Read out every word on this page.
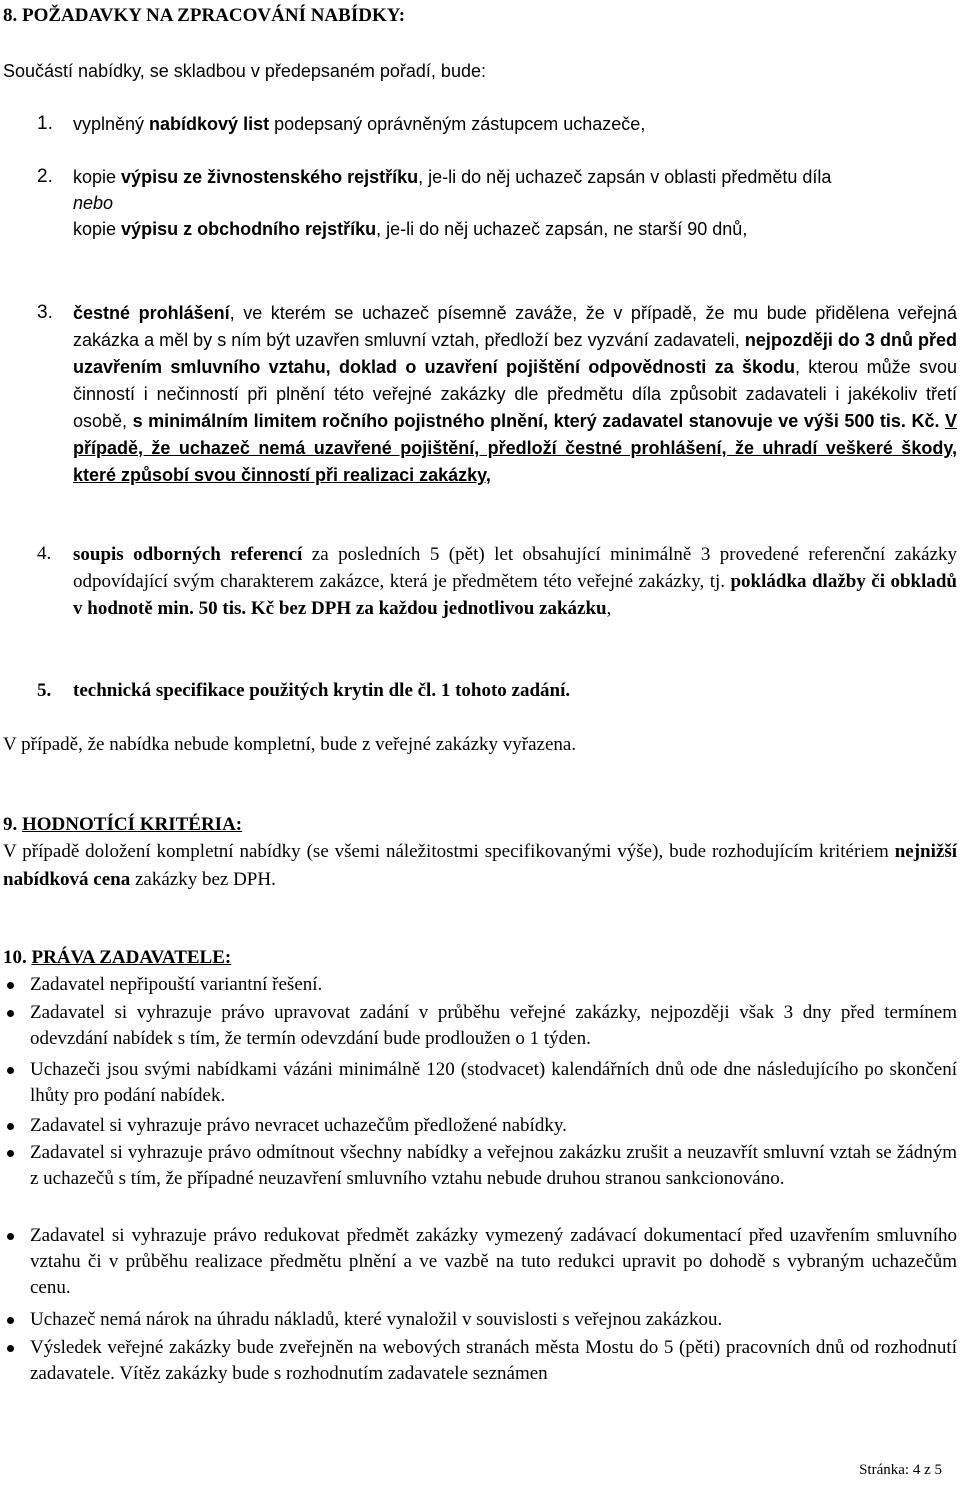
8. POŽADAVKY NA ZPRACOVÁNÍ NABÍDKY:
Součástí nabídky, se skladbou v předepsaném pořadí, bude:
1. vyplněný nabídkový list podepsaný oprávněným zástupcem uchazeče,
2. kopie výpisu ze živnostenského rejstříku, je-li do něj uchazeč zapsán v oblasti předmětu díla
nebo
kopie výpisu z obchodního rejstříku, je-li do něj uchazeč zapsán, ne starší 90 dnů,
3. čestné prohlášení, ve kterém se uchazeč písemně zaváže, že v případě, že mu bude přidělena veřejná zakázka a měl by s ním být uzavřen smluvní vztah, předloží bez vyzvání zadavateli, nejpozději do 3 dnů před uzavřením smluvního vztahu, doklad o uzavření pojištění odpovědnosti za škodu, kterou může svou činností i nečinností při plnění této veřejné zakázky dle předmětu díla způsobit zadavateli i jakékoliv třetí osobě, s minimálním limitem ročního pojistného plnění, který zadavatel stanovuje ve výši 500 tis. Kč. V případě, že uchazeč nemá uzavřené pojištění, předloží čestné prohlášení, že uhradí veškeré škody, které způsobí svou činností při realizaci zakázky,
4. soupis odborných referencí za posledních 5 (pět) let obsahující minimálně 3 provedené referenční zakázky odpovídající svým charakterem zakázce, která je předmětem této veřejné zakázky, tj. pokládka dlažby či obkladů v hodnotě min. 50 tis. Kč bez DPH za každou jednotlivou zakázku,
5. technická specifikace použitých krytin dle čl. 1 tohoto zadání.
V případě, že nabídka nebude kompletní, bude z veřejné zakázky vyřazena.
9. HODNOTÍCÍ KRITÉRIA:
V případě doložení kompletní nabídky (se všemi náležitostmi specifikovanými výše), bude rozhodujícím kritériem nejnižší nabídková cena zakázky bez DPH.
10. PRÁVA ZADAVATELE:
Zadavatel nepřipouští variantní řešení.
Zadavatel si vyhrazuje právo upravovat zadání v průběhu veřejné zakázky, nejpozději však 3 dny před termínem odevzdání nabídek s tím, že termín odevzdání bude prodloužen o 1 týden.
Uchazeči jsou svými nabídkami vázáni minimálně 120 (stodvacet) kalendářních dnů ode dne následujícího po skončení lhůty pro podání nabídek.
Zadavatel si vyhrazuje právo nevracet uchazečům předložené nabídky.
Zadavatel si vyhrazuje právo odmítnout všechny nabídky a veřejnou zakázku zrušit a neuzavřít smluvní vztah se žádným z uchazečů s tím, že případné neuzavření smluvního vztahu nebude druhou stranou sankcionováno.
Zadavatel si vyhrazuje právo redukovat předmět zakázky vymezený zadávací dokumentací před uzavřením smluvního vztahu či v průběhu realizace předmětu plnění a ve vazbě na tuto redukci upravit po dohodě s vybraným uchazečům cenu.
Uchazeč nemá nárok na úhradu nákladů, které vynaložil v souvislosti s veřejnou zakázkou.
Výsledek veřejné zakázky bude zveřejněn na webových stranách města Mostu do 5 (pěti) pracovních dnů od rozhodnutí zadavatele. Vítěz zakázky bude s rozhodnutím zadavatele seznámen
Stránka: 4 z 5
